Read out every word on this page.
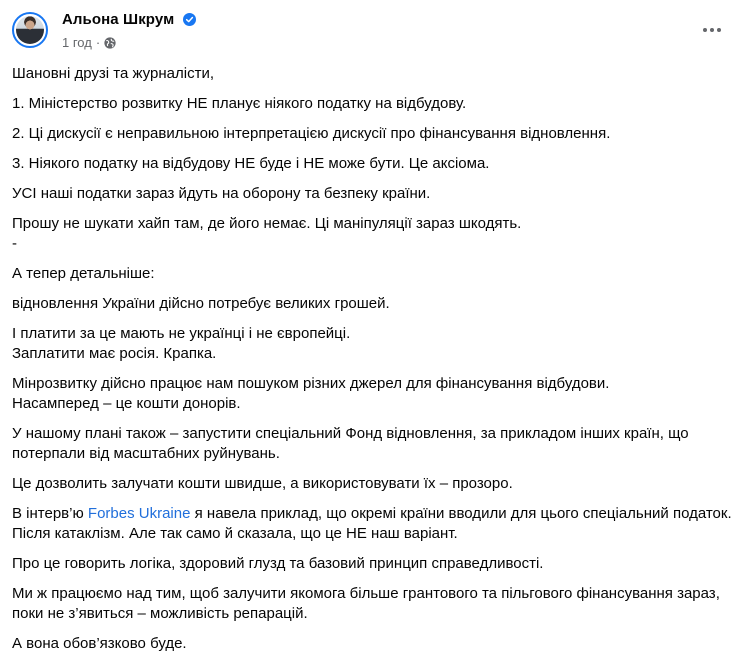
Альона Шкрум
1 год ·
Шановні друзі та журналісти,
1. Міністерство розвитку НЕ планує ніякого податку на відбудову.
2. Ці дискусії є неправильною інтерпретацією дискусії про фінансування відновлення.
3. Ніякого податку на відбудову НЕ буде і НЕ може бути. Це аксіома.
УСІ наші податки зараз йдуть на оборону та безпеку країни.
Прошу не шукати хайп там, де його немає. Ці маніпуляції зараз шкодять.
-
А тепер детальніше:
відновлення України дійсно потребує великих грошей.
І платити за це мають не українці і не європейці.
Заплатити має росія. Крапка.
Мінрозвитку дійсно працює нам пошуком різних джерел для фінансування відбудови.
Насамперед – це кошти донорів.
У нашому плані також – запустити спеціальний Фонд відновлення, за прикладом інших країн, що потерпали від масштабних руйнувань.
Це дозволить залучати кошти швидше, а використовувати їх – прозоро.
В інтерв’ю Forbes Ukraine я навела приклад, що окремі країни вводили для цього спеціальний податок. Після катаклізм. Але так само й сказала, що це НЕ наш варіант.
Про це говорить логіка, здоровий глузд та базовий принцип справедливості.
Ми ж працюємо над тим, щоб залучити якомога більше грантового та пільгового фінансування зараз, поки не з’явиться – можливість репарацій.
А вона обов’язково буде.
